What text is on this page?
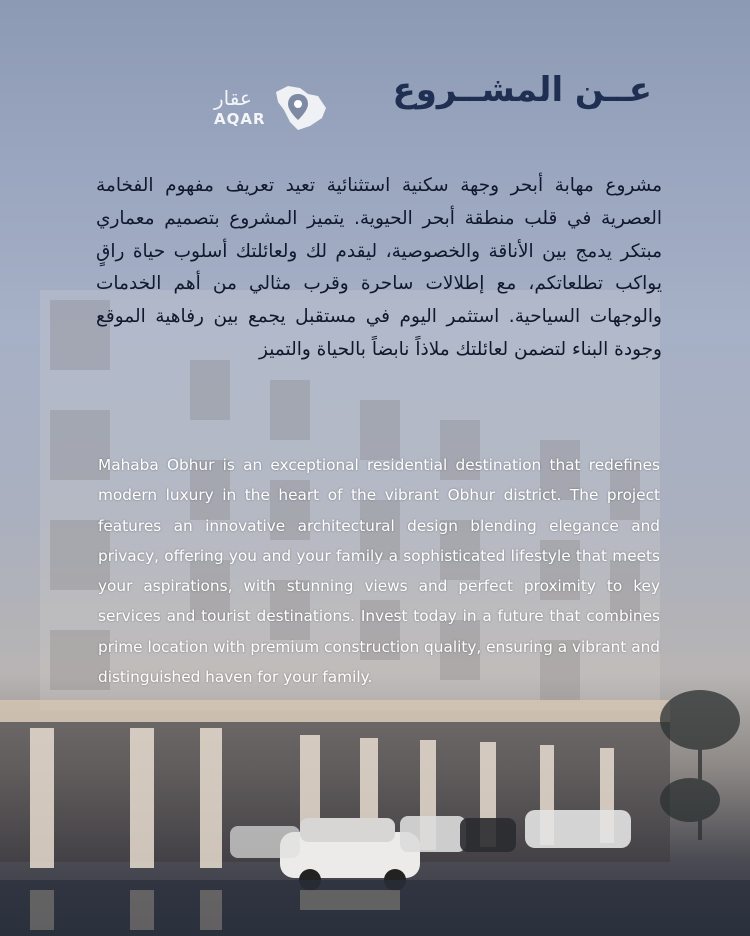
عــن المشــروع
عقار
AQAR

مشروع مهابة أبحر وجهة سكنية استثنائية تعيد تعريف مفهوم الفخامة العصرية في قلب منطقة أبحر الحيوية. يتميز المشروع بتصميم معماري مبتكر يدمج بين الأناقة والخصوصية، ليقدم لك ولعائلتك أسلوب حياة راقٍ يواكب تطلعاتكم، مع إطلالات ساحرة وقرب مثالي من أهم الخدمات والوجهات السياحية. استثمر اليوم في مستقبل يجمع بين رفاهية الموقع وجودة البناء لتضمن لعائلتك ملاذاً نابضاً بالحياة والتميز

Mahaba Obhur is an exceptional residential destination that redefines modern luxury in the heart of the vibrant Obhur district. The project features an innovative architectural design blending elegance and privacy, offering you and your family a sophisticated lifestyle that meets your aspirations, with stunning views and perfect proximity to key services and tourist destinations. Invest today in a future that combines prime location with premium construction quality, ensuring a vibrant and distinguished haven for your family.
